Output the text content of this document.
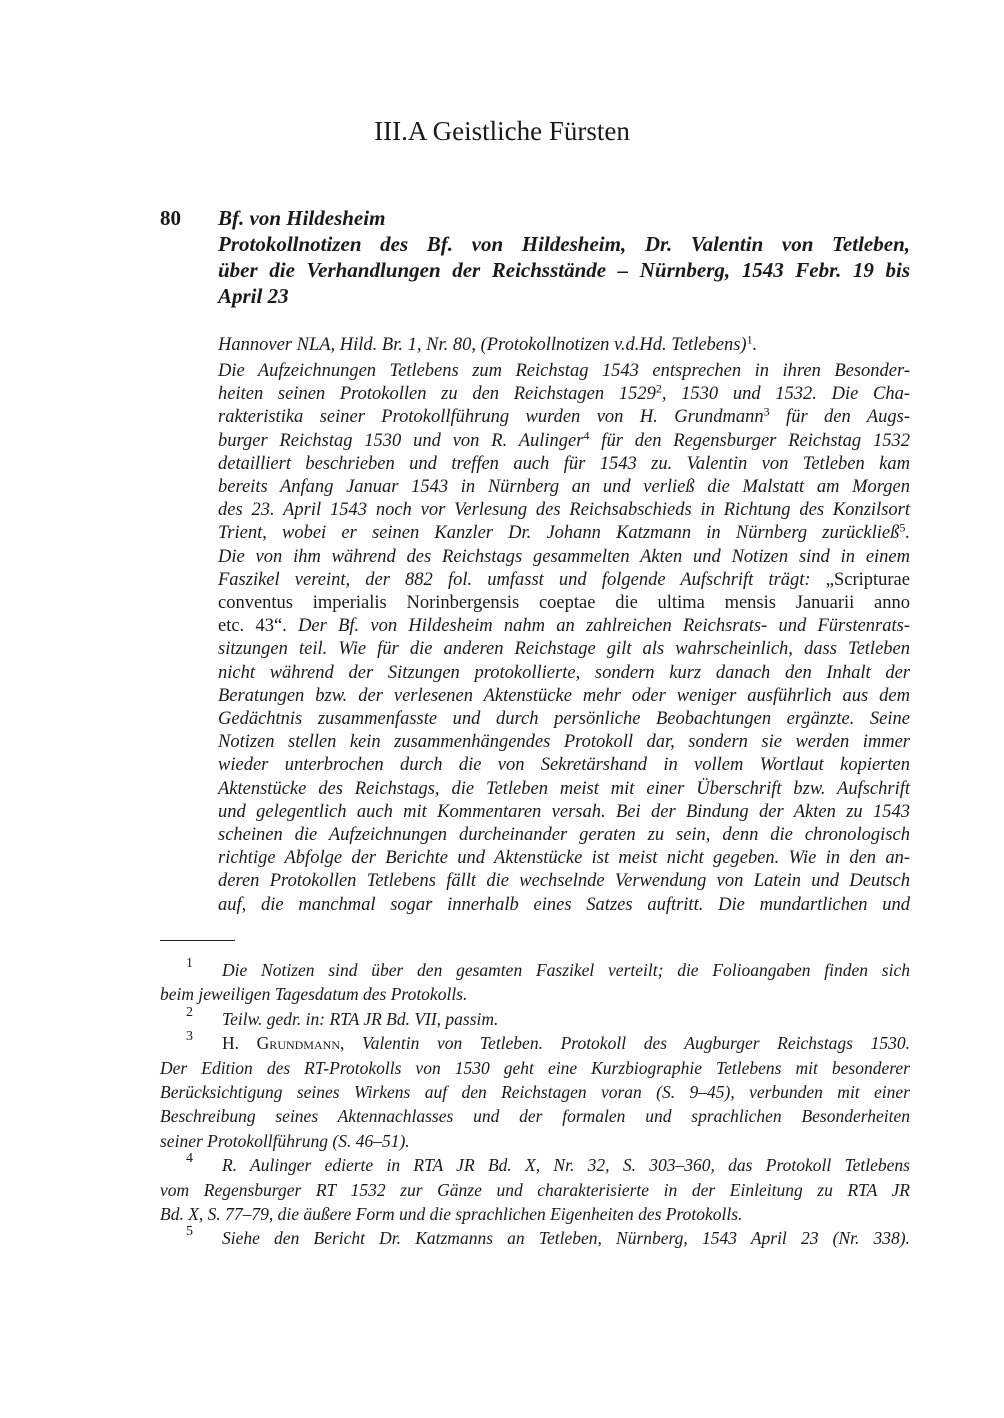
III.A Geistliche Fürsten
80 Bf. von Hildesheim
Protokollnotizen des Bf. von Hildesheim, Dr. Valentin von Tetleben,
über die Verhandlungen der Reichsstände – Nürnberg, 1543 Febr. 19 bis
April 23
Hannover NLA, Hild. Br. 1, Nr. 80, (Protokollnotizen v.d.Hd. Tetlebens)$^1$.
Die Aufzeichnungen Tetlebens zum Reichstag 1543 entsprechen in ihren Besonder-
heiten seinen Protokollen zu den Reichstagen 1529$^2$, 1530 und 1532. Die Cha-
rakteristika seiner Protokollführung wurden von H. Grundmann$^3$ für den Augs-
burger Reichstag 1530 und von R. Aulinger$^4$ für den Regensburger Reichstag 1532
detailliert beschrieben und treffen auch für 1543 zu. Valentin von Tetleben kam
bereits Anfang Januar 1543 in Nürnberg an und verließ die Malstatt am Morgen
des 23. April 1543 noch vor Verlesung des Reichsabschieds in Richtung des Konzilsort
Trient, wobei er seinen Kanzler Dr. Johann Katzmann in Nürnberg zurückließ$^5$.
Die von ihm während des Reichstags gesammelten Akten und Notizen sind in einem
Faszikel vereint, der 882 fol. umfasst und folgende Aufschrift trägt: „Scripturae
conventus imperialis Norinbergensis coeptae die ultima mensis Januarii anno
etc. 43“. Der Bf. von Hildesheim nahm an zahlreichen Reichsrats- und Fürstenrats-
sitzungen teil. Wie für die anderen Reichstage gilt als wahrscheinlich, dass Tetleben
nicht während der Sitzungen protokollierte, sondern kurz danach den Inhalt der
Beratungen bzw. der verlesenen Aktenstücke mehr oder weniger ausführlich aus dem
Gedächtnis zusammenfasste und durch persönliche Beobachtungen ergänzte. Seine
Notizen stellen kein zusammenhängendes Protokoll dar, sondern sie werden immer
wieder unterbrochen durch die von Sekretärshand in vollem Wortlaut kopierten
Aktenstücke des Reichstags, die Tetleben meist mit einer Überschrift bzw. Aufschrift
und gelegentlich auch mit Kommentaren versah. Bei der Bindung der Akten zu 1543
scheinen die Aufzeichnungen durcheinander geraten zu sein, denn die chronologisch
richtige Abfolge der Berichte und Aktenstücke ist meist nicht gegeben. Wie in den an-
deren Protokollen Tetlebens fällt die wechselnde Verwendung von Latein und Deutsch
auf, die manchmal sogar innerhalb eines Satzes auftritt. Die mundartlichen und
1 Die Notizen sind über den gesamten Faszikel verteilt; die Folioangaben finden sich
beim jeweiligen Tagesdatum des Protokolls.
2 Teilw. gedr. in: RTA JR Bd. VII, passim.
3 H. Grundmann, Valentin von Tetleben. Protokoll des Augburger Reichstags 1530.
Der Edition des RT-Protokolls von 1530 geht eine Kurzbiographie Tetlebens mit besonderer
Berücksichtigung seines Wirkens auf den Reichstagen voran (S. 9–45), verbunden mit einer
Beschreibung seines Aktennachlasses und der formalen und sprachlichen Besonderheiten
seiner Protokollführung (S. 46–51).
4 R. Aulinger edierte in RTA JR Bd. X, Nr. 32, S. 303–360, das Protokoll Tetlebens
vom Regensburger RT 1532 zur Gänze und charakterisierte in der Einleitung zu RTA JR
Bd. X, S. 77–79, die äußere Form und die sprachlichen Eigenheiten des Protokolls.
5 Siehe den Bericht Dr. Katzmanns an Tetleben, Nürnberg, 1543 April 23 (Nr. 338).
